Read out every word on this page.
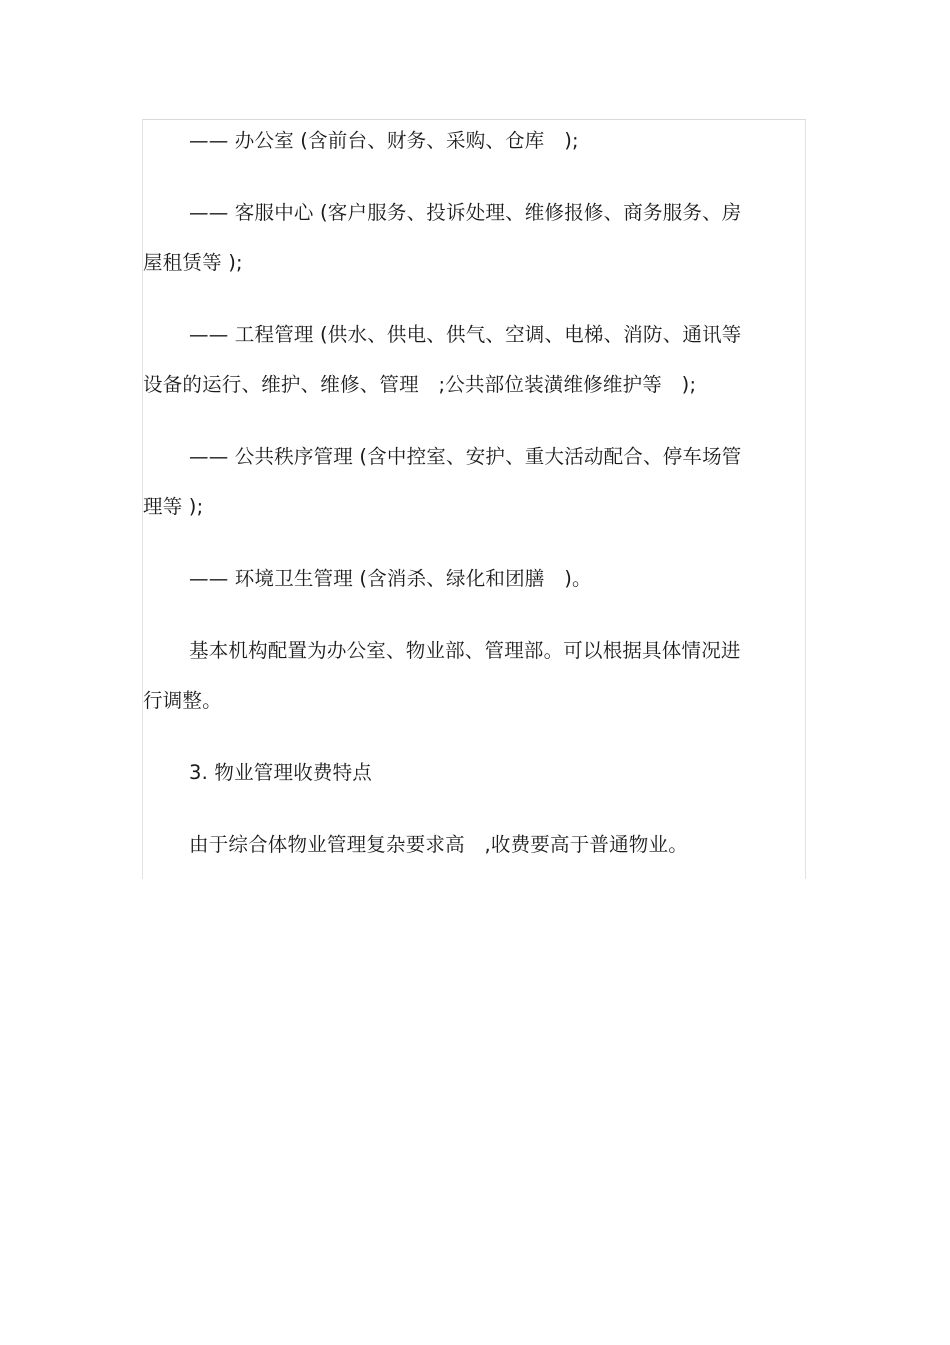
—— 办公室 (含前台、财务、采购、仓库　);

—— 客服中心 (客户服务、投诉处理、维修报修、商务服务、房
屋租赁等 );

—— 工程管理 (供水、供电、供气、空调、电梯、消防、通讯等
设备的运行、维护、维修、管理　;公共部位装潢维修维护等　);

—— 公共秩序管理 (含中控室、安护、重大活动配合、停车场管
理等 );

—— 环境卫生管理 (含消杀、绿化和团膳　)。

基本机构配置为办公室、物业部、管理部。可以根据具体情况进
行调整。

3. 物业管理收费特点

由于综合体物业管理复杂要求高　,收费要高于普通物业。
